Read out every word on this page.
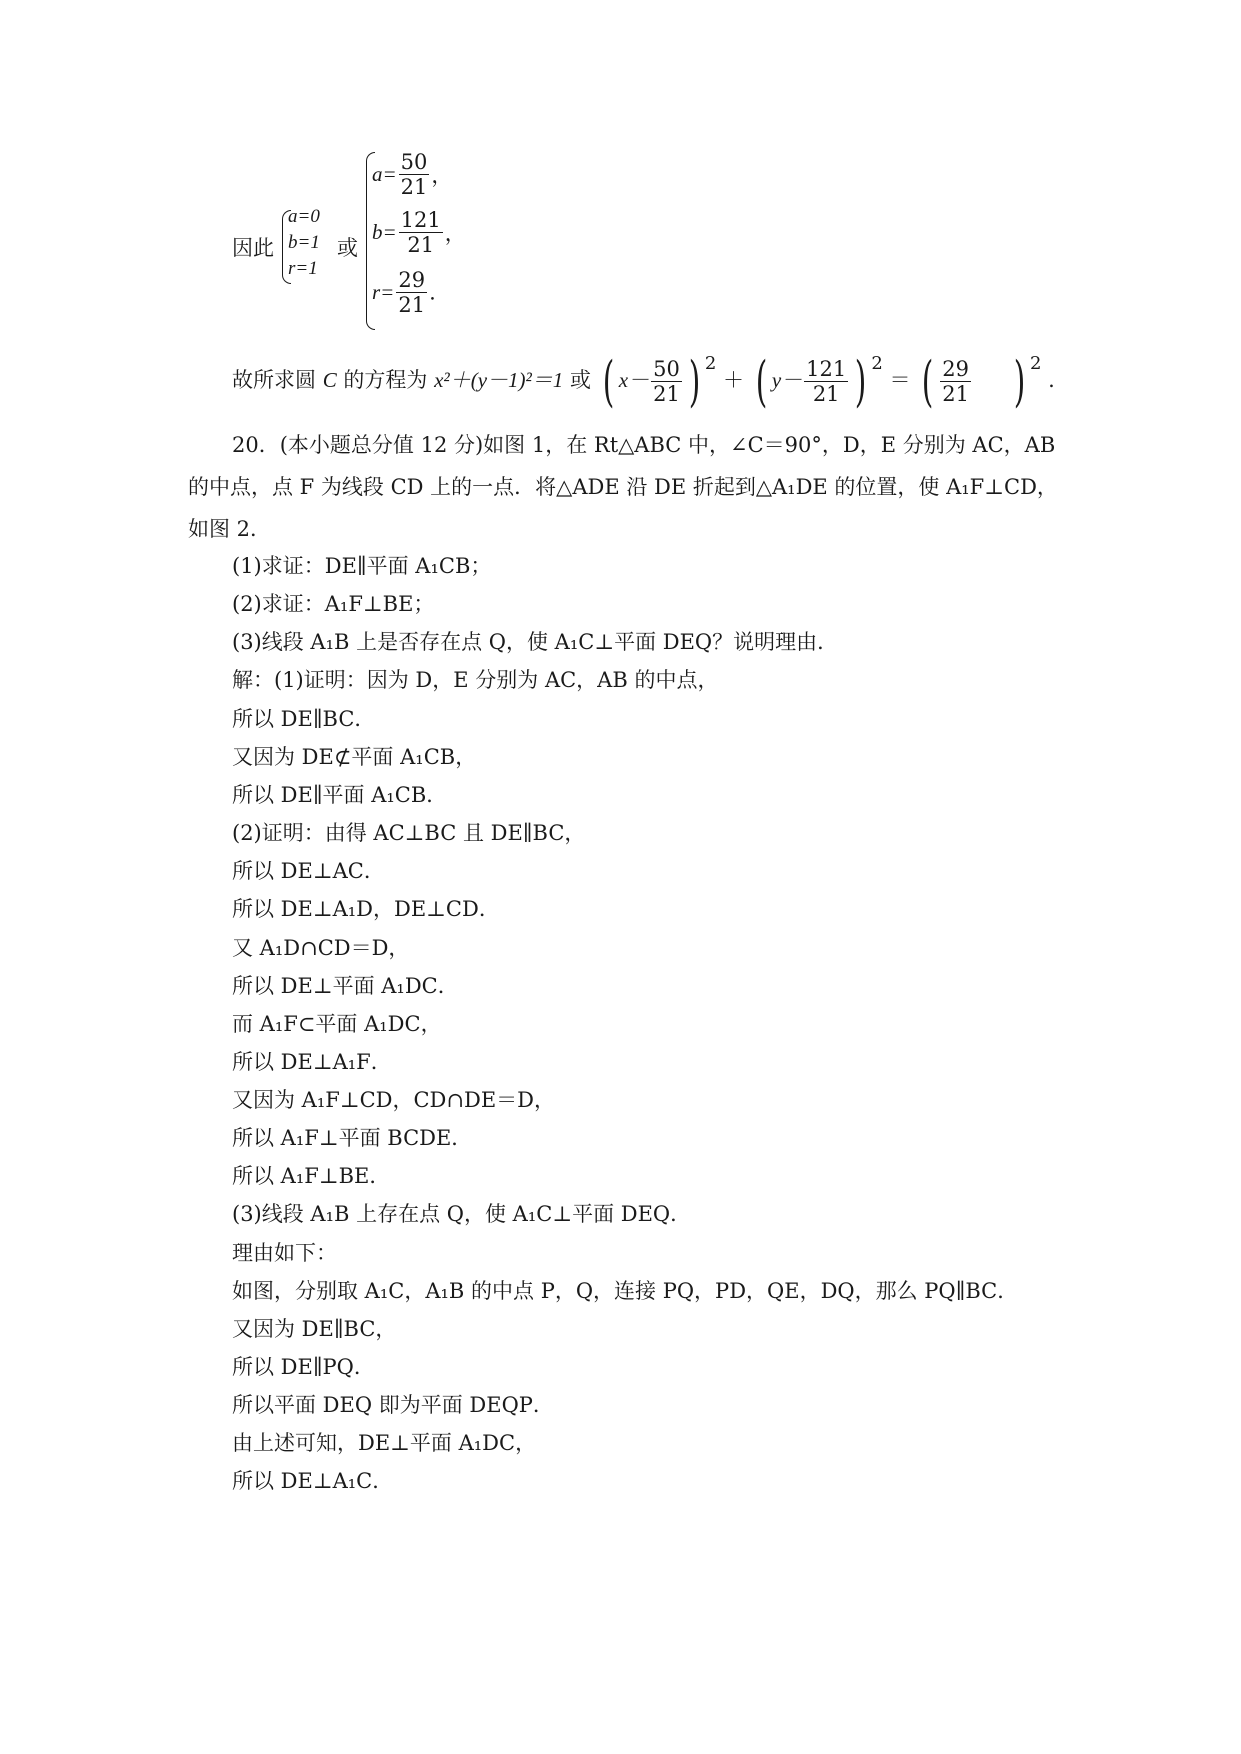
因此
a=0
b=1
r=1
或
$a= \frac{50}{21}$ ，
$b= \frac{121}{21}$ ，
$r= \frac{29}{21}$ .
故所求圆 C 的方程为 x²＋(y－1)²＝1 或 ( $x- \frac{50}{21}$ ) $^2$ ＋ ( $y- \frac{121}{21}$ ) $^2$ ＝ ( $\frac{29}{21}$ ) $^2$ .
20．(本小题总分值 12 分)如图 1，在 Rt△ABC 中，∠C＝90°，D，E 分别为 AC，AB 的中点，点 F 为线段 CD 上的一点．将△ADE 沿 DE 折起到△A₁DE 的位置，使 A₁F⊥CD，如图 2．
(1)求证：DE∥平面 A₁CB；
(2)求证：A₁F⊥BE；
(3)线段 A₁B 上是否存在点 Q，使 A₁C⊥平面 DEQ？说明理由．
解：(1)证明：因为 D，E 分别为 AC，AB 的中点，
所以 DE∥BC．
又因为 DE⊄平面 A₁CB，
所以 DE∥平面 A₁CB．
(2)证明：由得 AC⊥BC 且 DE∥BC，
所以 DE⊥AC．
所以 DE⊥A₁D，DE⊥CD．
又 A₁D∩CD＝D，
所以 DE⊥平面 A₁DC．
而 A₁F⊂平面 A₁DC，
所以 DE⊥A₁F．
又因为 A₁F⊥CD，CD∩DE＝D，
所以 A₁F⊥平面 BCDE．
所以 A₁F⊥BE．
(3)线段 A₁B 上存在点 Q，使 A₁C⊥平面 DEQ．
理由如下：
如图，分别取 A₁C，A₁B 的中点 P，Q，连接 PQ，PD，QE，DQ，那么 PQ∥BC．
又因为 DE∥BC，
所以 DE∥PQ．
所以平面 DEQ 即为平面 DEQP．
由上述可知，DE⊥平面 A₁DC，
所以 DE⊥A₁C．
